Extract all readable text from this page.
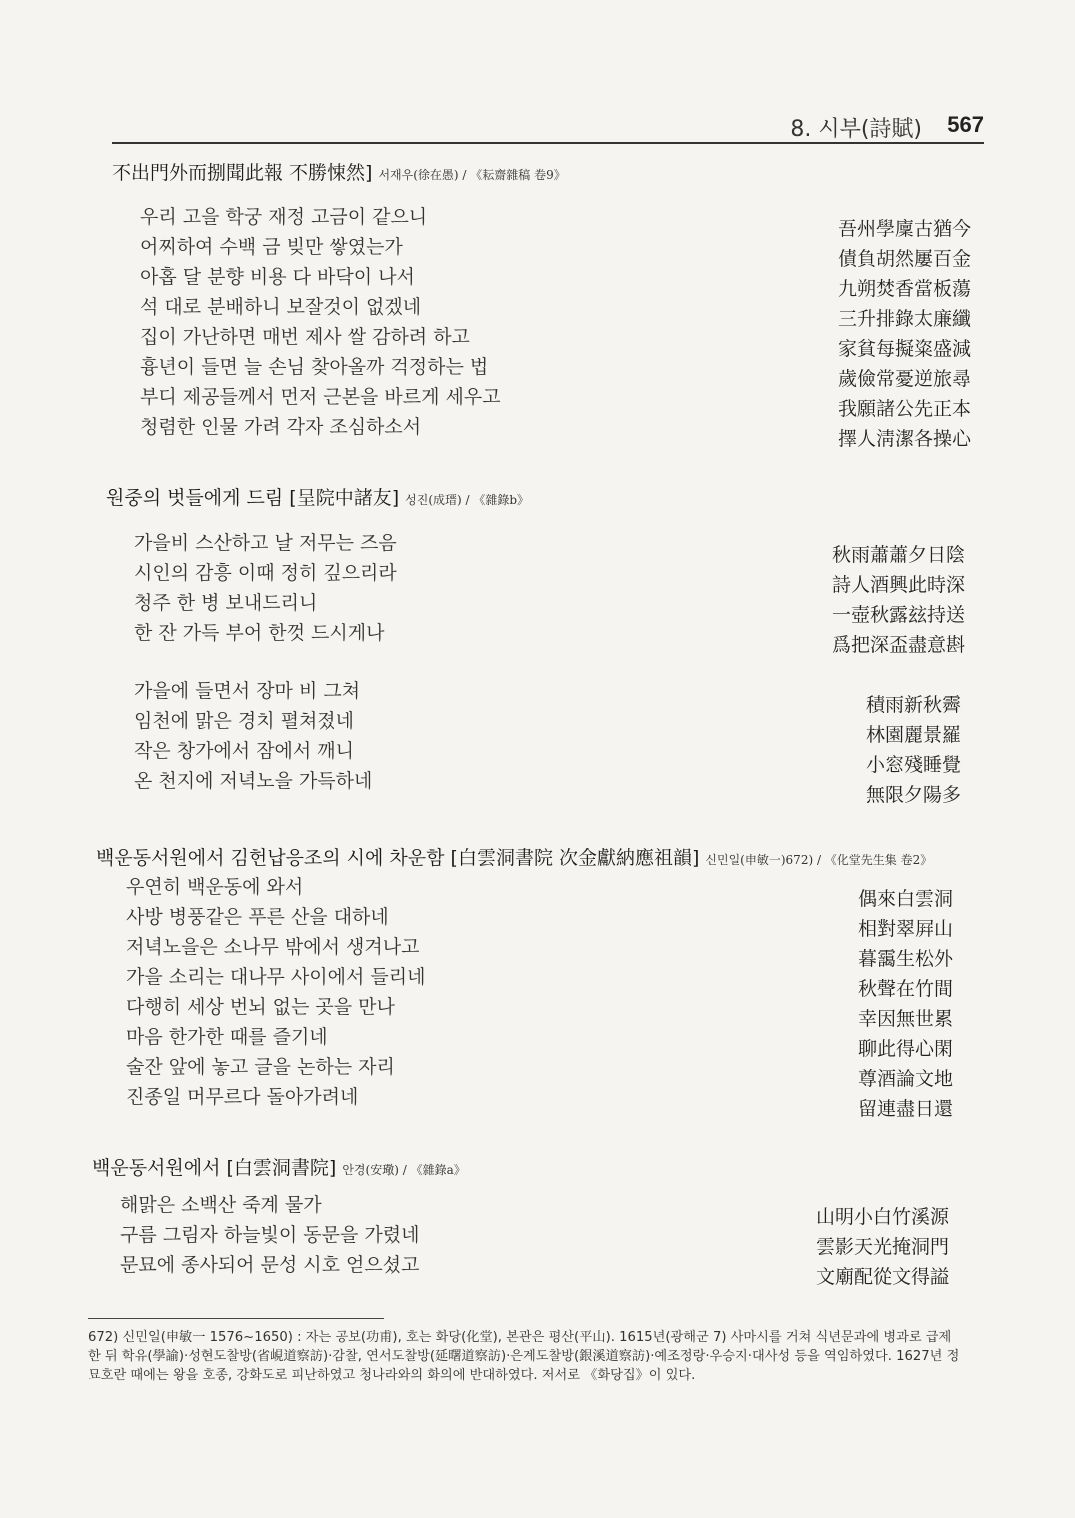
8. 시부(詩賦) 567
不出門外而捌聞此報 不勝悚然] 서재우(徐在愚) / 《耘齋雜稿 卷9》
우리 고을 학궁 재정 고금이 같으니
어찌하여 수백 금 빚만 쌓였는가
아홉 달 분향 비용 다 바닥이 나서
석 대로 분배하니 보잘것이 없겠네
집이 가난하면 매번 제사 쌀 감하려 하고
흉년이 들면 늘 손님 찾아올까 걱정하는 법
부디 제공들께서 먼저 근본을 바르게 세우고
청렴한 인물 가려 각자 조심하소서
吾州學廩古猶今
債負胡然屢百金
九朔焚香當板蕩
三升排錄太廉纖
家貧每擬粢盛減
歲儉常憂逆旅尋
我願諸公先正本
擇人淸潔各操心
원중의 벗들에게 드림 [呈院中諸友] 성진(成瑨) / 《雜錄b》
가을비 스산하고 날 저무는 즈음
시인의 감흥 이때 정히 깊으리라
청주 한 병 보내드리니
한 잔 가득 부어 한껏 드시게나
秋雨蕭蕭夕日陰
詩人酒興此時深
一壺秋露玆持送
爲把深盃盡意斟
가을에 들면서 장마 비 그쳐
임천에 맑은 경치 펼쳐졌네
작은 창가에서 잠에서 깨니
온 천지에 저녁노을 가득하네
積雨新秋霽
林園麗景羅
小窓殘睡覺
無限夕陽多
백운동서원에서 김헌납응조의 시에 차운함 [白雲洞書院 次金獻納應祖韻] 신민일(申敏一)672) / 《化堂先生集 卷2》
우연히 백운동에 와서
사방 병풍같은 푸른 산을 대하네
저녁노을은 소나무 밖에서 생겨나고
가을 소리는 대나무 사이에서 들리네
다행히 세상 번뇌 없는 곳을 만나
마음 한가한 때를 즐기네
술잔 앞에 놓고 글을 논하는 자리
진종일 머무르다 돌아가려네
偶來白雲洞
相對翠屛山
暮靄生松外
秋聲在竹間
幸因無世累
聊此得心閑
尊酒論文地
留連盡日還
백운동서원에서 [白雲洞書院] 안경(安璥) / 《雜錄a》
해맑은 소백산 죽계 물가
구름 그림자 하늘빛이 동문을 가렸네
문묘에 종사되어 문성 시호 얻으셨고
山明小白竹溪源
雲影天光掩洞門
文廟配從文得謚
672) 신민일(申敏一 1576~1650) : 자는 공보(功甫), 호는 화당(化堂), 본관은 평산(平山). 1615년(광해군 7) 사마시를 거쳐 식년문과에 병과로 급제한 뒤 학유(學諭)·성현도찰방(省峴道察訪)·감찰, 연서도찰방(延曙道察訪)·은계도찰방(銀溪道察訪)·예조정랑·우승지·대사성 등을 역임하였다. 1627년 정묘호란 때에는 왕을 호종, 강화도로 피난하였고 청나라와의 화의에 반대하였다. 저서로 《화당집》이 있다.
